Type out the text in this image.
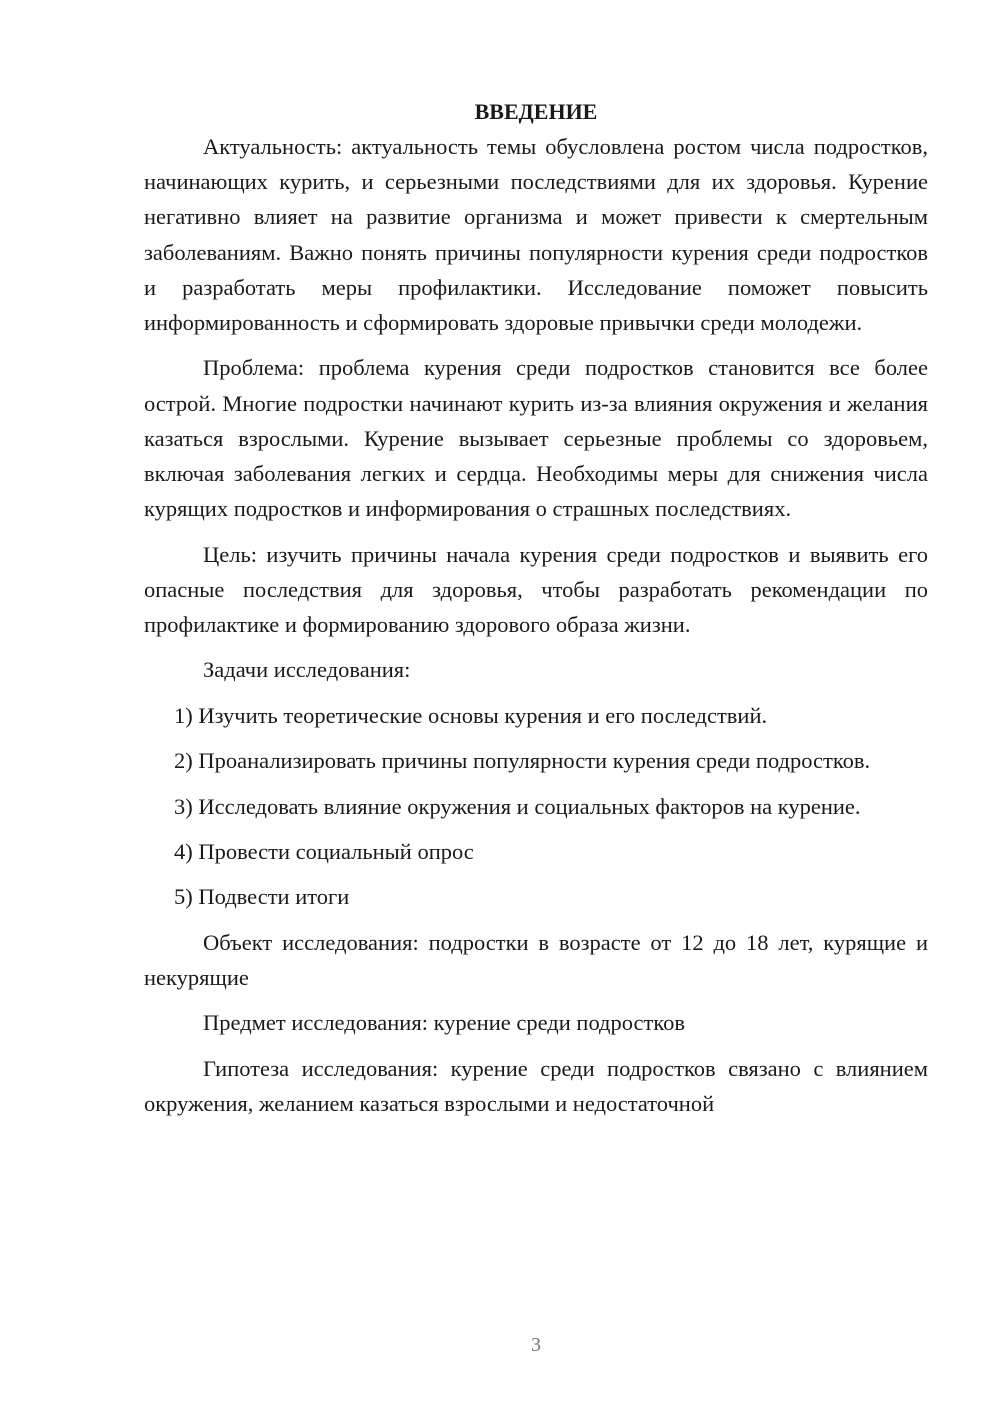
ВВЕДЕНИЕ

Актуальность: актуальность темы обусловлена ростом числа подростков, начинающих курить, и серьезными последствиями для их здоровья. Курение негативно влияет на развитие организма и может привести к смертельным заболеваниям. Важно понять причины популярности курения среди подростков и разработать меры профилактики. Исследование поможет повысить информированность и сформировать здоровые привычки среди молодежи.

Проблема: проблема курения среди подростков становится все более острой. Многие подростки начинают курить из-за влияния окружения и желания казаться взрослыми. Курение вызывает серьезные проблемы со здоровьем, включая заболевания легких и сердца. Необходимы меры для снижения числа курящих подростков и информирования о страшных последствиях.

Цель: изучить причины начала курения среди подростков и выявить его опасные последствия для здоровья, чтобы разработать рекомендации по профилактике и формированию здорового образа жизни.

Задачи исследования:

1) Изучить теоретические основы курения и его последствий.

2) Проанализировать причины популярности курения среди подростков.

3) Исследовать влияние окружения и социальных факторов на курение.

4) Провести социальный опрос

5) Подвести итоги

Объект исследования: подростки в возрасте от 12 до 18 лет, курящие и некурящие

Предмет исследования: курение среди подростков

Гипотеза исследования: курение среди подростков связано с влиянием окружения, желанием казаться взрослыми и недостаточной

3
